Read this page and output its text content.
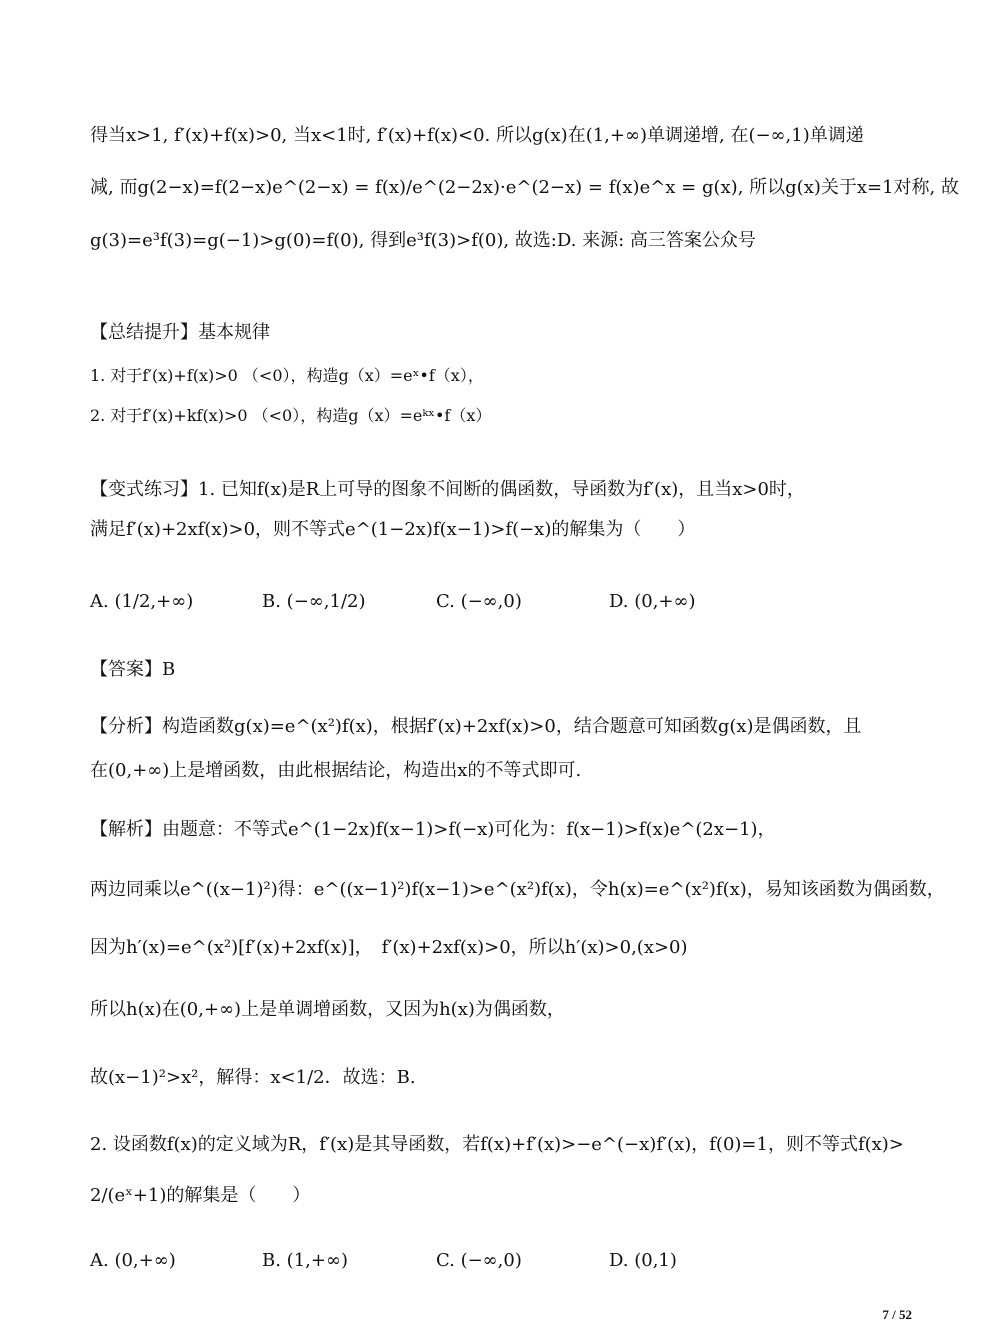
得当x>1, f′(x)+f(x)>0, 当x<1时, f′(x)+f(x)<0. 所以g(x)在(1,+∞)单调递增, 在(−∞,1)单调递
减, 而g(2−x)=f(2−x)e^(2−x) = f(x)/e^(2−2x)·e^(2−x) = f(x)e^x = g(x), 所以g(x)关于x=1对称, 故
g(3)=e³f(3)=g(−1)>g(0)=f(0), 得到e³f(3)>f(0), 故选:D. 来源: 高三答案公众号
【总结提升】基本规律
1. 对于f′(x)+f(x)>0 （<0），构造g（x）=eˣ•f（x），
2. 对于f′(x)+kf(x)>0 （<0），构造g（x）=eᵏˣ•f（x）
【变式练习】1. 已知f(x)是R上可导的图象不间断的偶函数，导函数为f′(x)，且当x>0时，
满足f′(x)+2xf(x)>0，则不等式e^(1−2x)f(x−1)>f(−x)的解集为（　　）
A. (1/2,+∞)	B. (−∞,1/2)	C. (−∞,0)	D. (0,+∞)
【答案】B
【分析】构造函数g(x)=e^(x²)f(x)，根据f′(x)+2xf(x)>0，结合题意可知函数g(x)是偶函数，且
在(0,+∞)上是增函数，由此根据结论，构造出x的不等式即可.
【解析】由题意：不等式e^(1−2x)f(x−1)>f(−x)可化为：f(x−1)>f(x)e^(2x−1)，
两边同乘以e^((x−1)²)得：e^((x−1)²)f(x−1)>e^(x²)f(x)，令h(x)=e^(x²)f(x)，易知该函数为偶函数，
因为h′(x)=e^(x²)[f′(x)+2xf(x)]，　f′(x)+2xf(x)>0，所以h′(x)>0,(x>0)
所以h(x)在(0,+∞)上是单调增函数，又因为h(x)为偶函数，
故(x−1)²>x²，解得：x<1/2．故选：B.
2. 设函数f(x)的定义域为R，f′(x)是其导函数，若f(x)+f′(x)>−e^(−x)f′(x)，f(0)=1，则不等式f(x)>
2/(eˣ+1)的解集是（　　）
A. (0,+∞)	B. (1,+∞)	C. (−∞,0)	D. (0,1)
7 / 52
